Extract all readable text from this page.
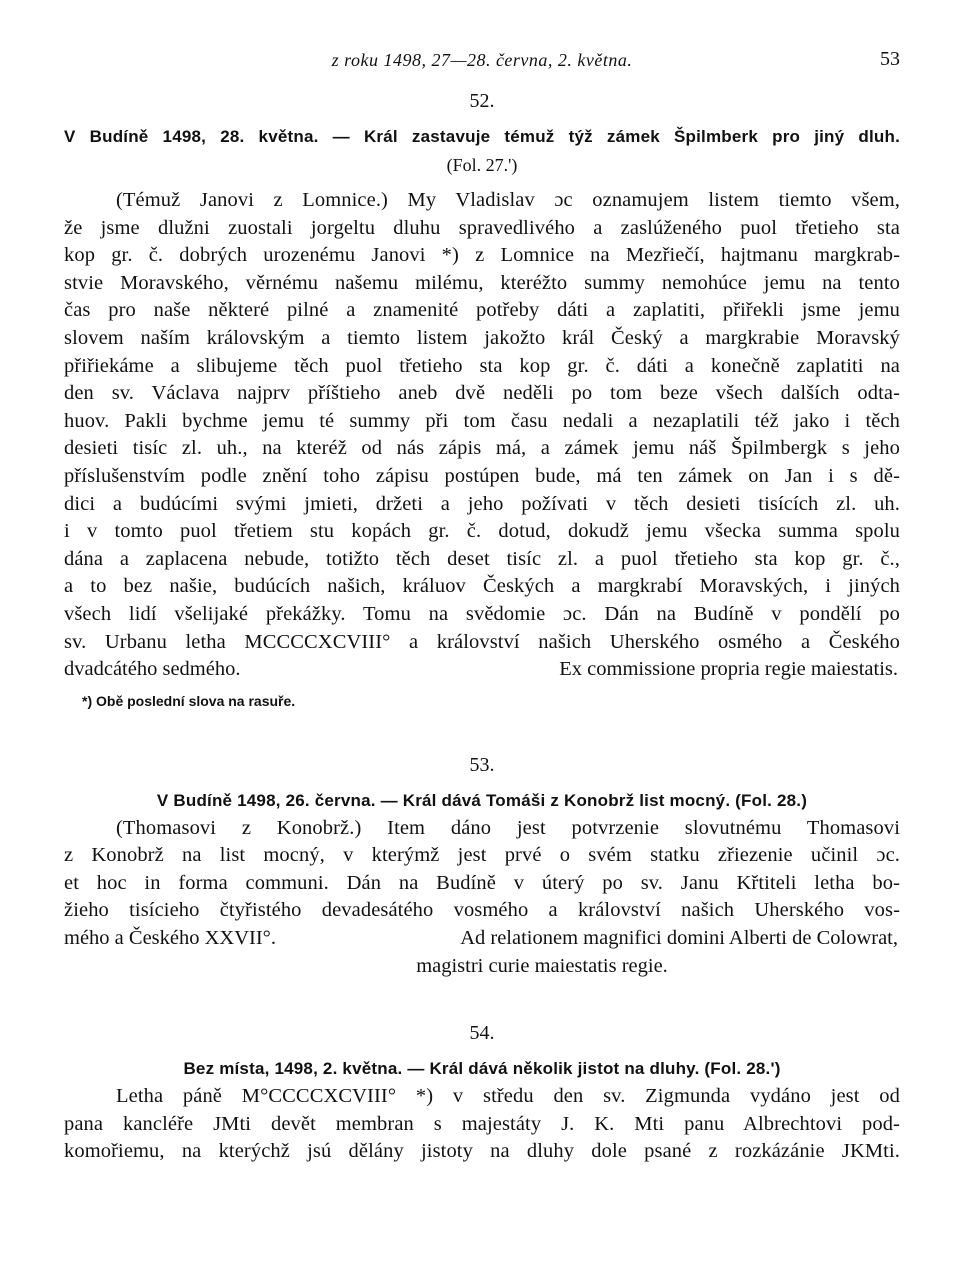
z roku 1498, 27—28. června, 2. května.	53
52.
V Budíně 1498, 28. května. — Král zastavuje témuž týž zámek Špilmberk pro jiný dluh.
(Fol. 27.')
(Témuž Janovi z Lomnice.) My Vladislav ɔc oznamujem listem tiemto všem,
že jsme dlužni zuostali jorgeltu dluhu spravedlivého a zaslúženého puol třetieho sta
kop gr. č. dobrých urozenému Janovi *) z Lomnice na Mezřiečí, hajtmanu margkrab-
stvie Moravského, věrnému našemu milému, kteréžto summy nemohúce jemu na tento
čas pro naše některé pilné a znamenité potřeby dáti a zaplatiti, přiřekli jsme jemu
slovem naším královským a tiemto listem jakožto král Český a margkrabie Moravský
přiřiekáme a slibujeme těch puol třetieho sta kop gr. č. dáti a konečně zaplatiti na
den sv. Václava najprv příštieho aneb dvě neděli po tom beze všech dalších odta-
huov. Pakli bychme jemu té summy při tom času nedali a nezaplatili též jako i těch
desieti tisíc zl. uh., na kteréž od nás zápis má, a zámek jemu náš Špilmbergk s jeho
příslušenstvím podle znění toho zápisu postúpen bude, má ten zámek on Jan i s dě-
dici a budúcími svými jmieti, držeti a jeho požívati v těch desieti tisících zl. uh.
i v tomto puol třetiem stu kopách gr. č. dotud, dokudž jemu všecka summa spolu
dána a zaplacena nebude, totižto těch deset tisíc zl. a puol třetieho sta kop gr. č.,
a to bez našie, budúcích našich, králuov Českých a margkrabí Moravských, i jiných
všech lidí všelijaké překážky. Tomu na svědomie ɔc. Dán na Budíně v pondělí po
sv. Urbanu letha MCCCCXCVIII° a království našich Uherského osmého a Českého
dvadcátého sedmého.	Ex commissione propria regie maiestatis.
*) Obě poslední slova na rasuře.
53.
V Budíně 1498, 26. června. — Král dává Tomáši z Konobrž list mocný. (Fol. 28.)
(Thomasovi z Konobrž.) Item dáno jest potvrzenie slovutnému Thomasovi
z Konobrž na list mocný, v kterýmž jest prvé o svém statku zřiezenie učinil ɔc.
et hoc in forma communi. Dán na Budíně v úterý po sv. Janu Křtiteli letha bo-
žieho tisícieho čtyřistého devadesátého vosmého a království našich Uherského vos-
mého a Českého XXVII°.	Ad relationem magnifici domini Alberti de Colowrat,
magistri curie maiestatis regie.
54.
Bez místa, 1498, 2. května. — Král dává několik jistot na dluhy. (Fol. 28.')
Letha páně M°CCCCXCVIII° *) v středu den sv. Zigmunda vydáno jest od
pana kancléře JMti devět membran s majestáty J. K. Mti panu Albrechtovi pod-
komořiemu, na kterýchž jsú dělány jistoty na dluhy dole psané z rozkázánie JKMti.
